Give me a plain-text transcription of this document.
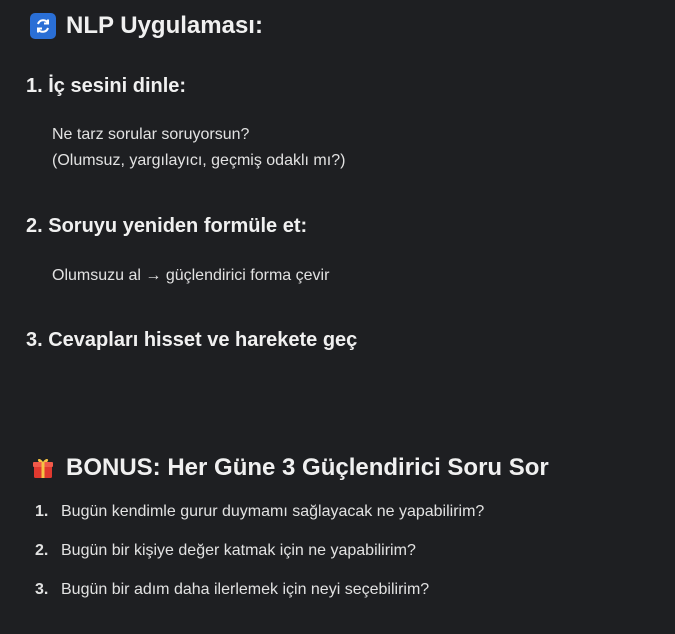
NLP Uygulaması:
1. İç sesini dinle:
Ne tarz sorular soruyorsun?
(Olumsuz, yargılayıcı, geçmiş odaklı mı?)
2. Soruyu yeniden formüle et:
Olumsuzu al → güçlendirici forma çevir
3. Cevapları hisset ve harekete geç
BONUS: Her Güne 3 Güçlendirici Soru Sor
1. Bugün kendimle gurur duymamı sağlayacak ne yapabilirim?
2. Bugün bir kişiye değer katmak için ne yapabilirim?
3. Bugün bir adım daha ilerlemek için neyi seçebilirim?
